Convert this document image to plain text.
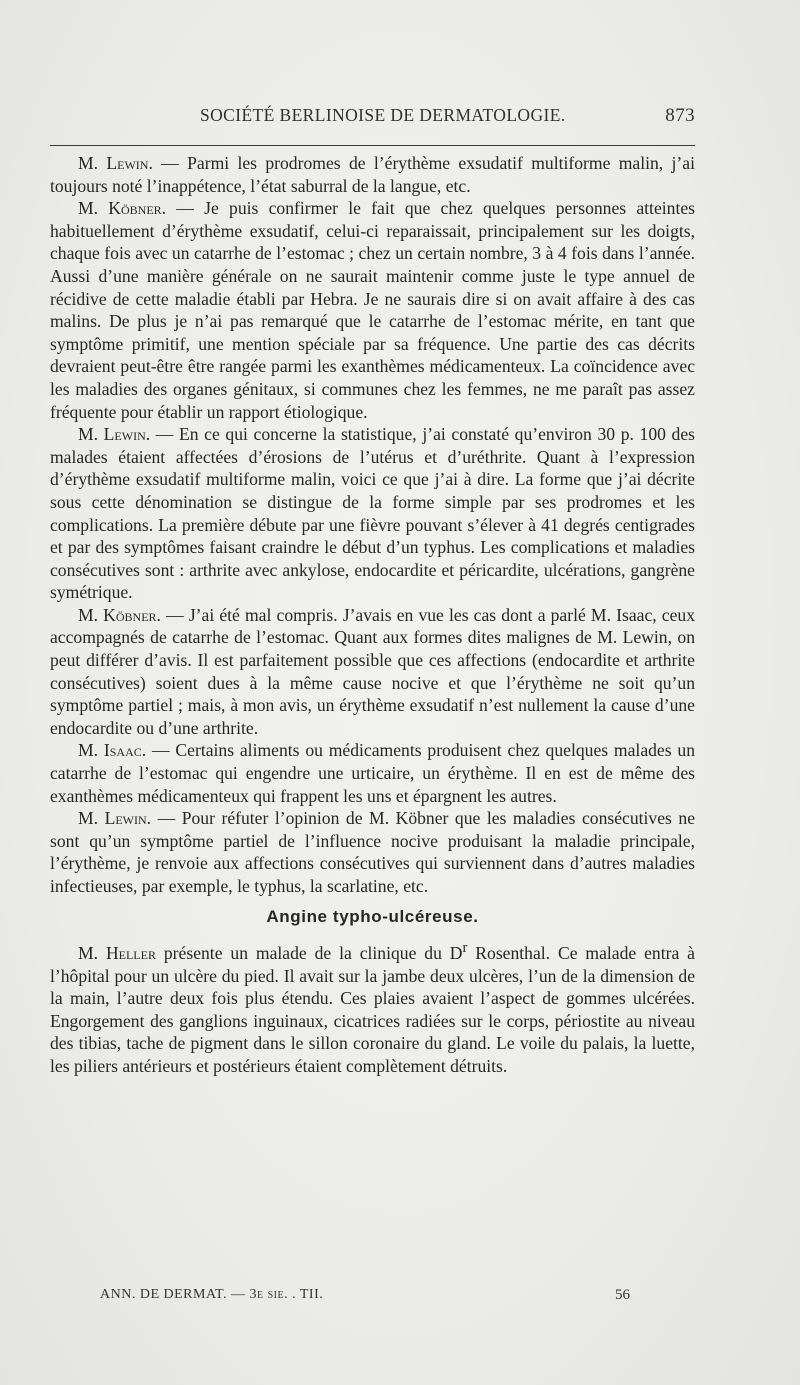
SOCIÉTÉ BERLINOISE DE DERMATOLOGIE.	873

M. Lewin. — Parmi les prodromes de l’érythème exsudatif multiforme malin, j’ai toujours noté l’inappétence, l’état saburral de la langue, etc.

M. Köbner. — Je puis confirmer le fait que chez quelques personnes atteintes habituellement d’érythème exsudatif, celui-ci reparaissait, principalement sur les doigts, chaque fois avec un catarrhe de l’estomac ; chez un certain nombre, 3 à 4 fois dans l’année. Aussi d’une manière générale on ne saurait maintenir comme juste le type annuel de récidive de cette maladie établi par Hebra. Je ne saurais dire si on avait affaire à des cas malins. De plus je n’ai pas remarqué que le catarrhe de l’estomac mérite, en tant que symptôme primitif, une mention spéciale par sa fréquence. Une partie des cas décrits devraient peut-être être rangée parmi les exanthèmes médicamenteux. La coïncidence avec les maladies des organes génitaux, si communes chez les femmes, ne me paraît pas assez fréquente pour établir un rapport étiologique.

M. Lewin. — En ce qui concerne la statistique, j’ai constaté qu’environ 30 p. 100 des malades étaient affectées d’érosions de l’utérus et d’uréthrite. Quant à l’expression d’érythème exsudatif multiforme malin, voici ce que j’ai à dire. La forme que j’ai décrite sous cette dénomination se distingue de la forme simple par ses prodromes et les complications. La première débute par une fièvre pouvant s’élever à 41 degrés centigrades et par des symptômes faisant craindre le début d’un typhus. Les complications et maladies consécutives sont : arthrite avec ankylose, endocardite et péricardite, ulcérations, gangrène symétrique.

M. Köbner. — J’ai été mal compris. J’avais en vue les cas dont a parlé M. Isaac, ceux accompagnés de catarrhe de l’estomac. Quant aux formes dites malignes de M. Lewin, on peut différer d’avis. Il est parfaitement possible que ces affections (endocardite et arthrite consécutives) soient dues à la même cause nocive et que l’érythème ne soit qu’un symptôme partiel ; mais, à mon avis, un érythème exsudatif n’est nullement la cause d’une endocardite ou d’une arthrite.

M. Isaac. — Certains aliments ou médicaments produisent chez quelques malades un catarrhe de l’estomac qui engendre une urticaire, un érythème. Il en est de même des exanthèmes médicamenteux qui frappent les uns et épargnent les autres.

M. Lewin. — Pour réfuter l’opinion de M. Köbner que les maladies consécutives ne sont qu’un symptôme partiel de l’influence nocive produisant la maladie principale, l’érythème, je renvoie aux affections consécutives qui surviennent dans d’autres maladies infectieuses, par exemple, le typhus, la scarlatine, etc.

Angine typho-ulcéreuse.

M. Heller présente un malade de la clinique du $D^r$ Rosenthal. Ce malade entra à l’hôpital pour un ulcère du pied. Il avait sur la jambe deux ulcères, l’un de la dimension de la main, l’autre deux fois plus étendu. Ces plaies avaient l’aspect de gommes ulcérées. Engorgement des ganglions inguinaux, cicatrices radiées sur le corps, périostite au niveau des tibias, tache de pigment dans le sillon coronaire du gland. Le voile du palais, la luette, les piliers antérieurs et postérieurs étaient complètement détruits.

ANN. DE DERMAT. — 3e sie. . TII.	56
